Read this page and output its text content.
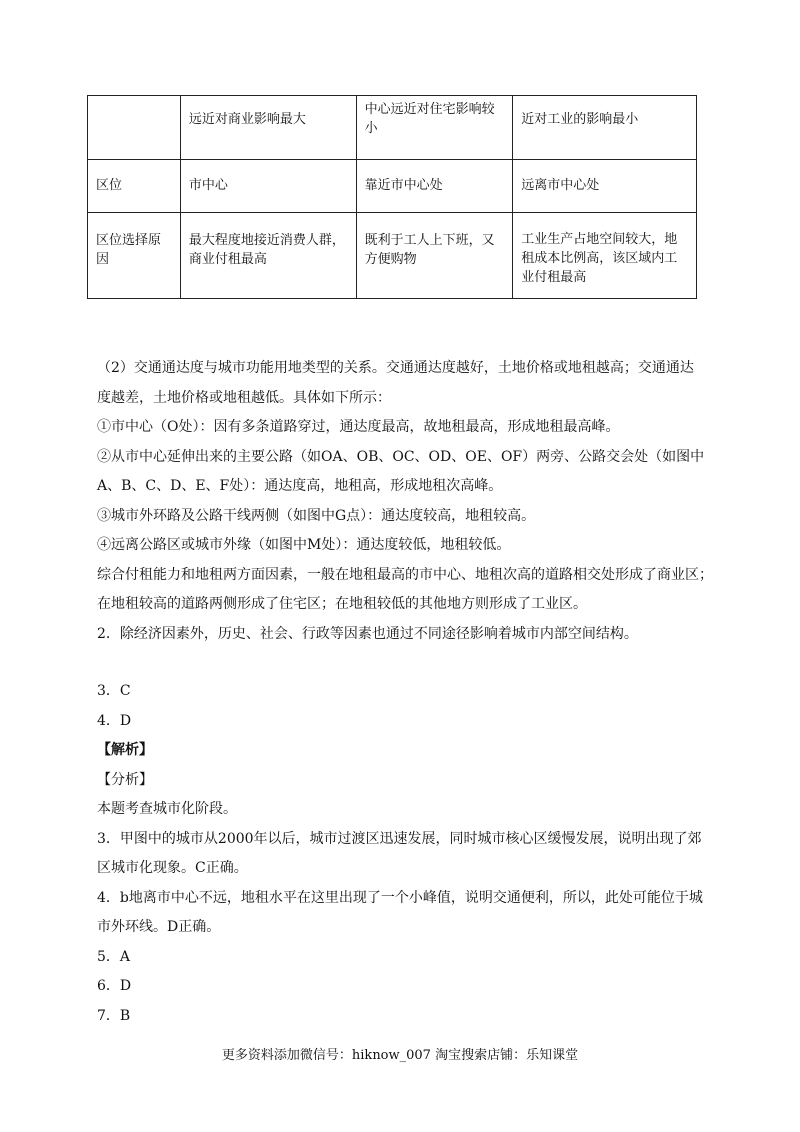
	远近对商业影响最大	中心远近对住宅影响较小	近对工业的影响最小
区位	市中心	靠近市中心处	远离市中心处
区位选择原因	最大程度地接近消费人群，商业付租最高	既利于工人上下班，又方便购物	工业生产占地空间较大，地租成本比例高，该区域内工业付租最高
（2）交通通达度与城市功能用地类型的关系。交通通达度越好，土地价格或地租越高；交通通达
度越差，土地价格或地租越低。具体如下所示：
①市中心（O处）：因有多条道路穿过，通达度最高，故地租最高，形成地租最高峰。
②从市中心延伸出来的主要公路（如OA、OB、OC、OD、OE、OF）两旁、公路交会处（如图中
A、B、C、D、E、F处）：通达度高，地租高，形成地租次高峰。
③城市外环路及公路干线两侧（如图中G点）：通达度较高，地租较高。
④远离公路区或城市外缘（如图中M处）：通达度较低，地租较低。
综合付租能力和地租两方面因素，一般在地租最高的市中心、地租次高的道路相交处形成了商业区；
在地租较高的道路两侧形成了住宅区；在地租较低的其他地方则形成了工业区。
2．除经济因素外，历史、社会、行政等因素也通过不同途径影响着城市内部空间结构。
3．C
4．D
【解析】
【分析】
本题考查城市化阶段。
3．甲图中的城市从2000年以后，城市过渡区迅速发展，同时城市核心区缓慢发展，说明出现了郊
区城市化现象。C正确。
4．b地离市中心不远，地租水平在这里出现了一个小峰值，说明交通便利，所以，此处可能位于城
市外环线。D正确。
5．A
6．D
7．B
更多资料添加微信号：hiknow_007 淘宝搜索店铺：乐知课堂
